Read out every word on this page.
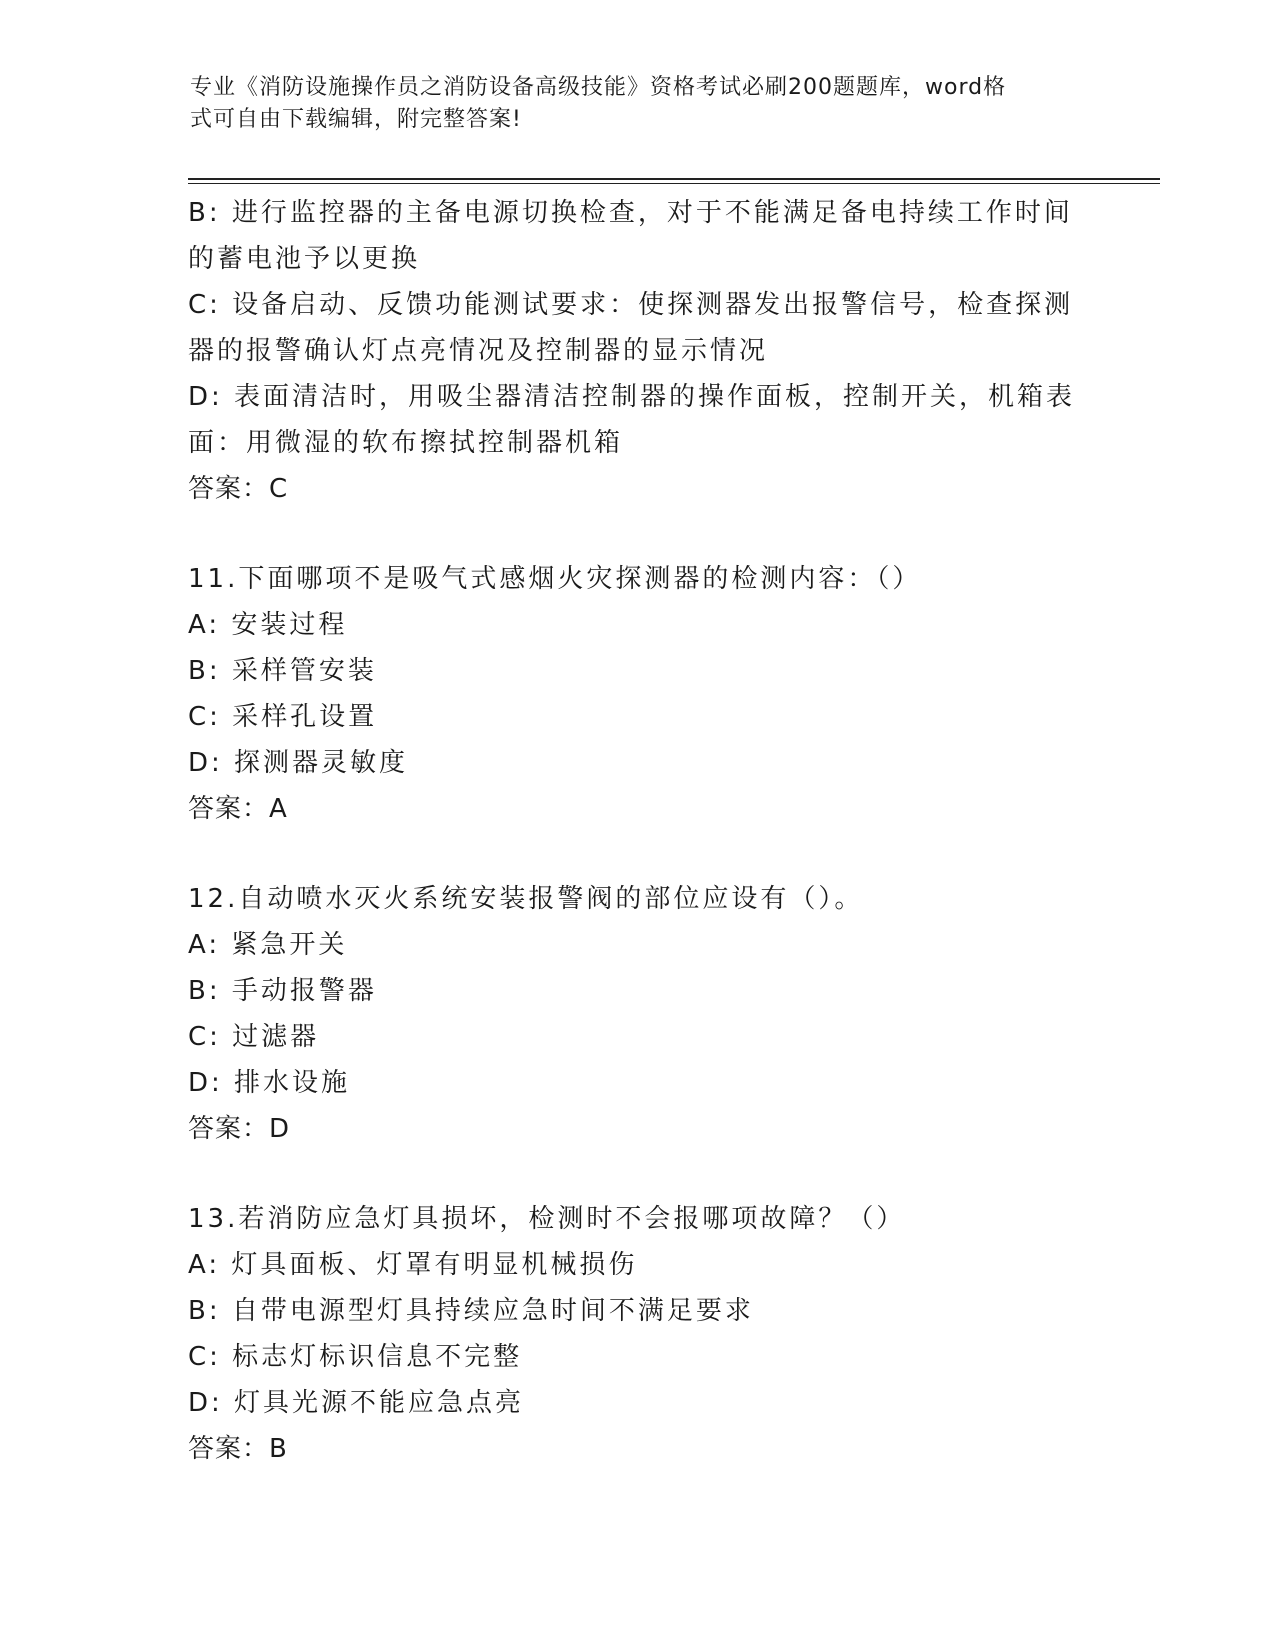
专业《消防设施操作员之消防设备高级技能》资格考试必刷200题题库，word格
式可自由下载编辑，附完整答案!
B: 进行监控器的主备电源切换检查，对于不能满足备电持续工作时间
的蓄电池予以更换
C: 设备启动、反馈功能测试要求：使探测器发出报警信号，检查探测
器的报警确认灯点亮情况及控制器的显示情况
D: 表面清洁时，用吸尘器清洁控制器的操作面板，控制开关，机箱表
面：用微湿的软布擦拭控制器机箱
答案：C
11.下面哪项不是吸气式感烟火灾探测器的检测内容：（）
A: 安装过程
B: 采样管安装
C: 采样孔设置
D: 探测器灵敏度
答案：A
12.自动喷水灭火系统安装报警阀的部位应设有（）。
A: 紧急开关
B: 手动报警器
C: 过滤器
D: 排水设施
答案：D
13.若消防应急灯具损坏，检测时不会报哪项故障？（）
A: 灯具面板、灯罩有明显机械损伤
B: 自带电源型灯具持续应急时间不满足要求
C: 标志灯标识信息不完整
D: 灯具光源不能应急点亮
答案：B
